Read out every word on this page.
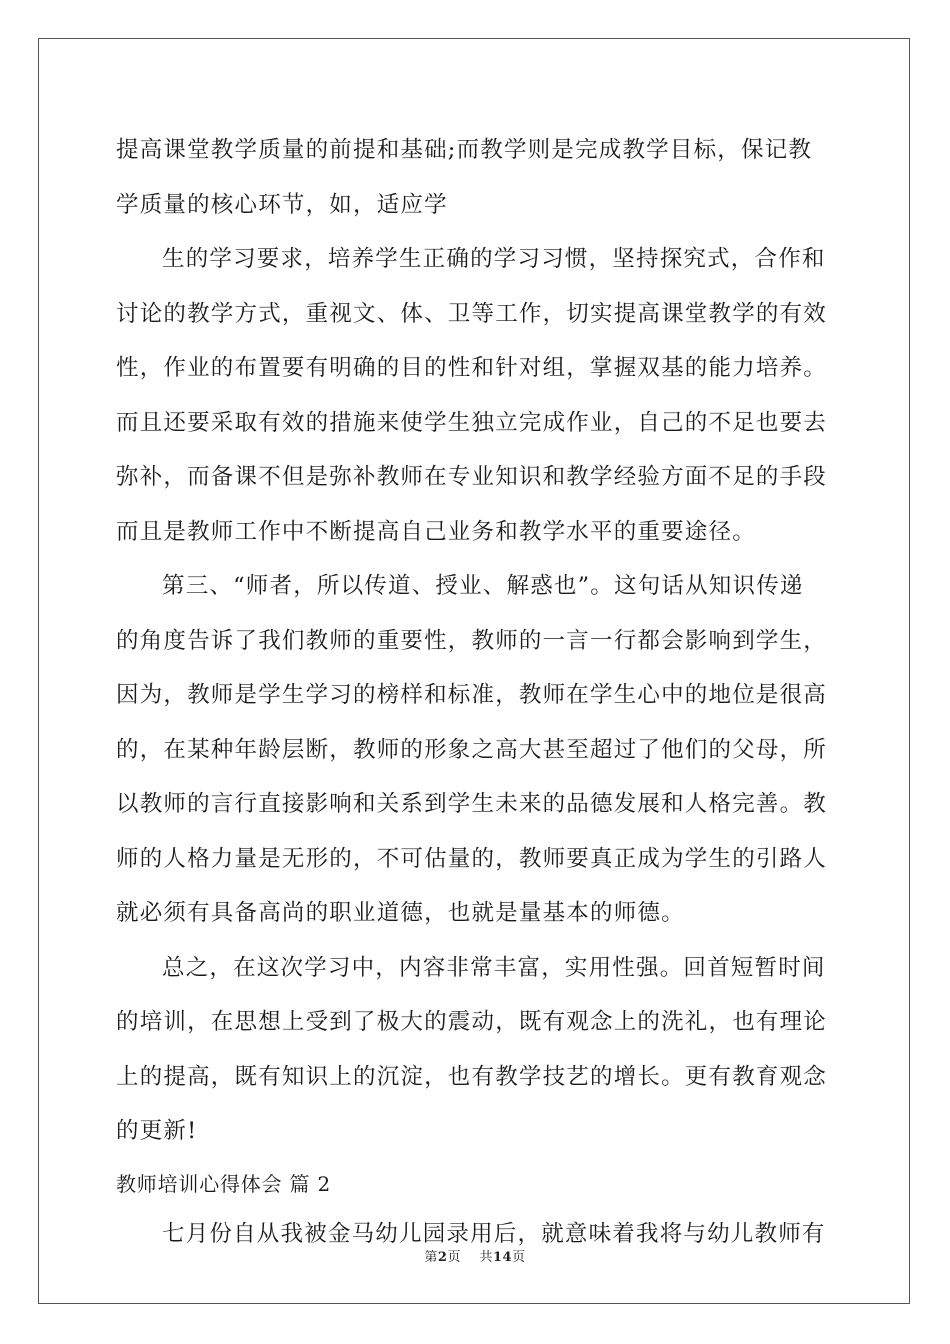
提高课堂教学质量的前提和基础;而教学则是完成教学目标，保记教
学质量的核心环节，如，适应学
生的学习要求，培养学生正确的学习习惯，坚持探究式，合作和
讨论的教学方式，重视文、体、卫等工作，切实提高课堂教学的有效
性，作业的布置要有明确的目的性和针对组，掌握双基的能力培养。
而且还要采取有效的措施来使学生独立完成作业，自己的不足也要去
弥补，而备课不但是弥补教师在专业知识和教学经验方面不足的手段
而且是教师工作中不断提高自己业务和教学水平的重要途径。
第三、“师者，所以传道、授业、解惑也”。这句话从知识传递
的角度告诉了我们教师的重要性，教师的一言一行都会影响到学生，
因为，教师是学生学习的榜样和标准，教师在学生心中的地位是很高
的，在某种年龄层断，教师的形象之高大甚至超过了他们的父母，所
以教师的言行直接影响和关系到学生未来的品德发展和人格完善。教
师的人格力量是无形的，不可估量的，教师要真正成为学生的引路人
就必须有具备高尚的职业道德，也就是量基本的师德。
总之，在这次学习中，内容非常丰富，实用性强。回首短暂时间
的培训，在思想上受到了极大的震动，既有观念上的洗礼，也有理论
上的提高，既有知识上的沉淀，也有教学技艺的增长。更有教育观念
的更新!
教师培训心得体会 篇 2
七月份自从我被金马幼儿园录用后，就意味着我将与幼儿教师有
第2页 共14页
